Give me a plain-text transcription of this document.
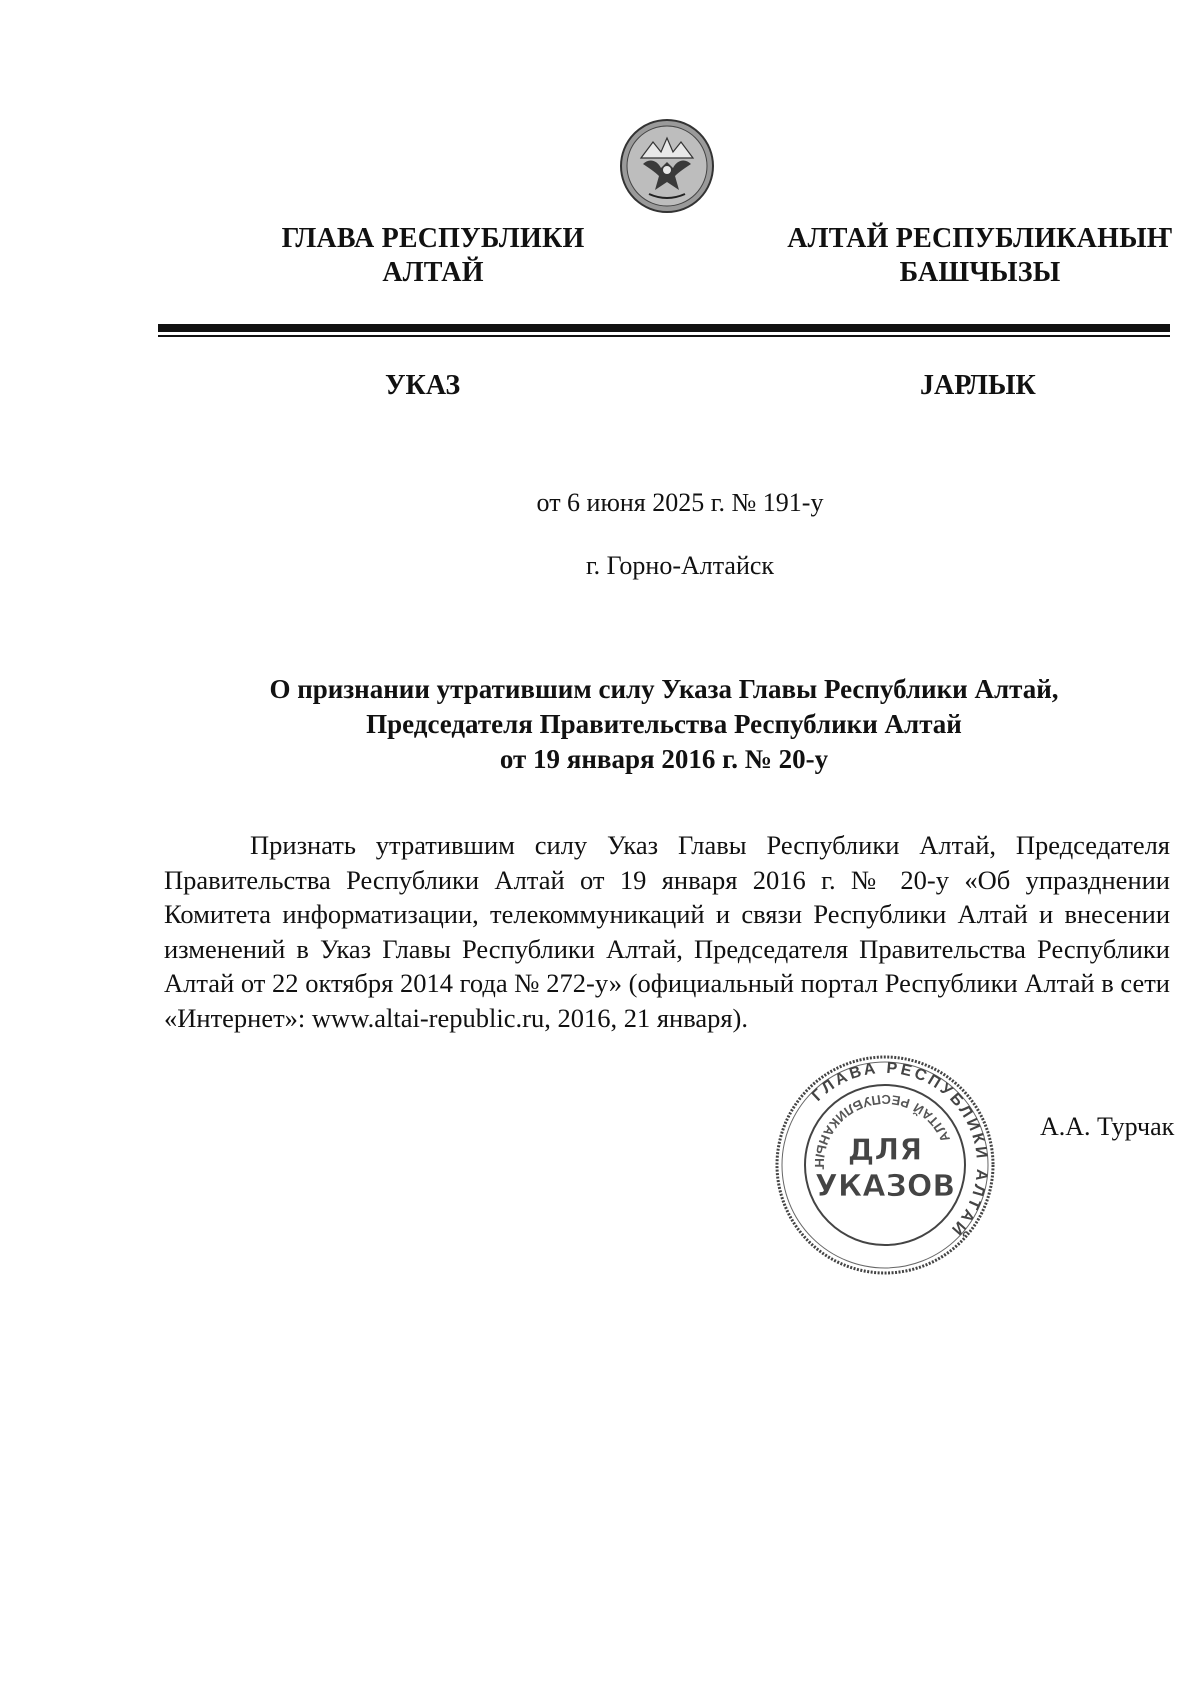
ГЛАВА РЕСПУБЛИКИ
АЛТАЙ
АЛТАЙ РЕСПУБЛИКАНЫҤ
БАШЧЫЗЫ
УКАЗ	ЈАРЛЫК
от 6 июня 2025 г. № 191-у
г. Горно-Алтайск
О признании утратившим силу Указа Главы Республики Алтай,
Председателя Правительства Республики Алтай
от 19 января 2016 г. № 20-у

Признать утратившим силу Указ Главы Республики Алтай, Председателя Правительства Республики Алтай от 19 января 2016 г. № 20-у «Об упразднении Комитета информатизации, телекоммуникаций и связи Республики Алтай и внесении изменений в Указ Главы Республики Алтай, Председателя Правительства Республики Алтай от 22 октября 2014 года № 272-у» (официальный портал Республики Алтай в сети «Интернет»: www.altai-republic.ru, 2016, 21 января).

ГЛАВА РЕСПУБЛИКИ АЛТАЙ
АЛТАЙ РЕСПУБЛИКАНЫҤ ДЛЯ
УКАЗОВ
А.А. Турчак
